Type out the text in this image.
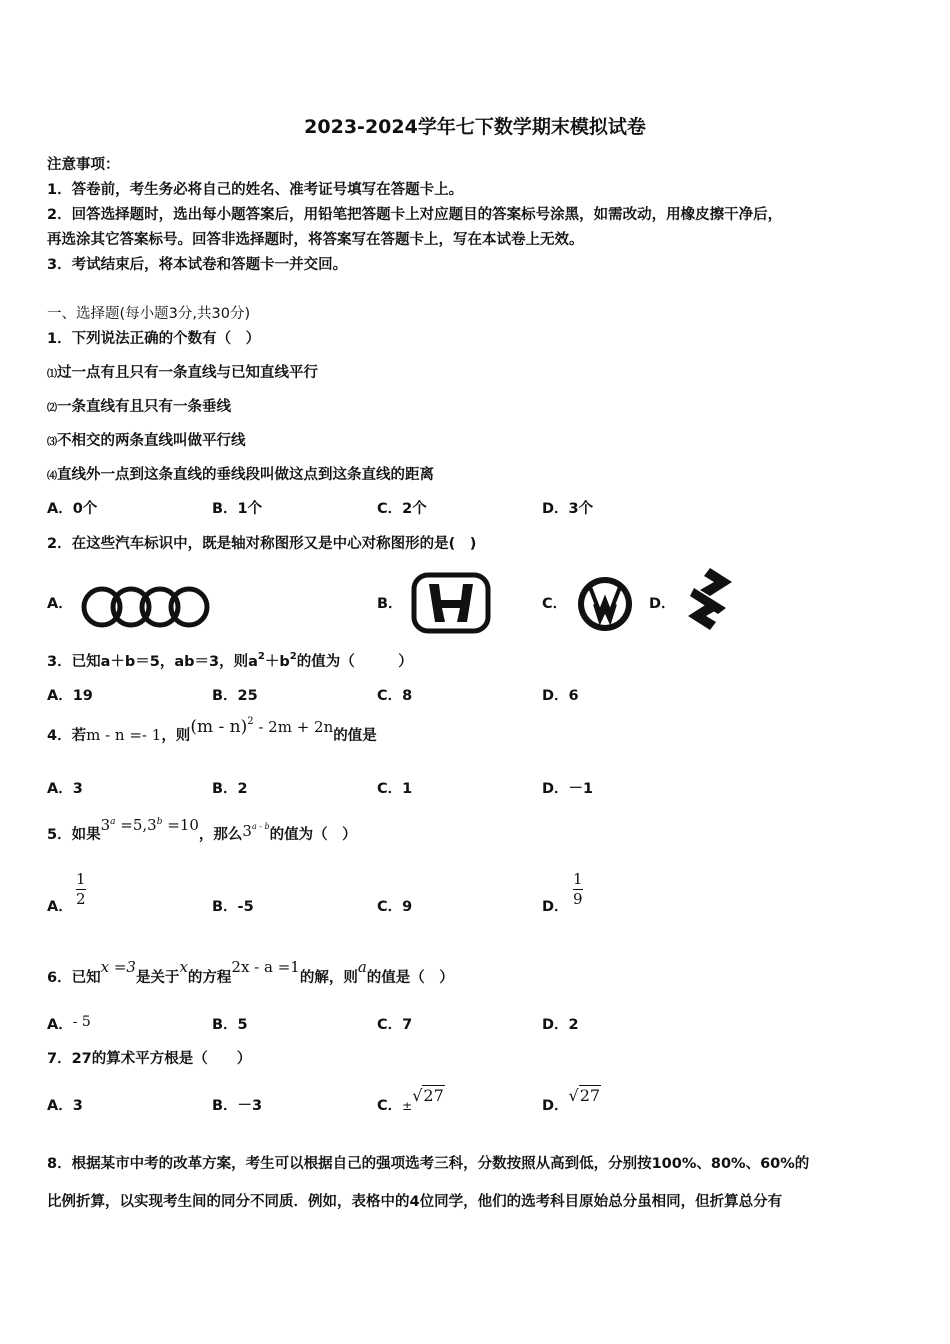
2023-2024学年七下数学期末模拟试卷
注意事项：
1．答卷前，考生务必将自己的姓名、准考证号填写在答题卡上。
2．回答选择题时，选出每小题答案后，用铅笔把答题卡上对应题目的答案标号涂黑，如需改动，用橡皮擦干净后，
再选涂其它答案标号。回答非选择题时，将答案写在答题卡上，写在本试卷上无效。
3．考试结束后，将本试卷和答题卡一并交回。
一、选择题(每小题3分,共30分)
1．下列说法正确的个数有（　）
⑴过一点有且只有一条直线与已知直线平行
⑵一条直线有且只有一条垂线
⑶不相交的两条直线叫做平行线
⑷直线外一点到这条直线的垂线段叫做这点到这条直线的距离
A．0个	B．1个	C．2个	D．3个
2．在这些汽车标识中，既是轴对称图形又是中心对称图形的是(　)
A．	B．	C．	D．
3．已知a＋b＝5，ab＝3，则$a^2+b^2$的值为（　　　）
A．19	B．25	C．8	D．6
4．若m - n =- 1，则(m - n)$^2$ - 2m + 2n的值是
A．3	B．2	C．1	D．－1
5．如果$3^a =5,3^b =10$，那么3$^{a - b}$的值为（　）
A． $\frac{1}{2}$	B．-5	C．9	D． $\frac{1}{9}$
6．已知x =3是关于x的方程2x - a =1的解，则a的值是（　）
A．- 5	B．5	C．7	D．2
7．27的算术平方根是（　　）
A．3	B．－3	C．±√27
D．√27
8．根据某市中考的改革方案，考生可以根据自己的强项选考三科，分数按照从高到低，分别按100%、80%、60%的
比例折算，以实现考生间的同分不同质．例如，表格中的4位同学，他们的选考科目原始总分虽相同，但折算总分有
